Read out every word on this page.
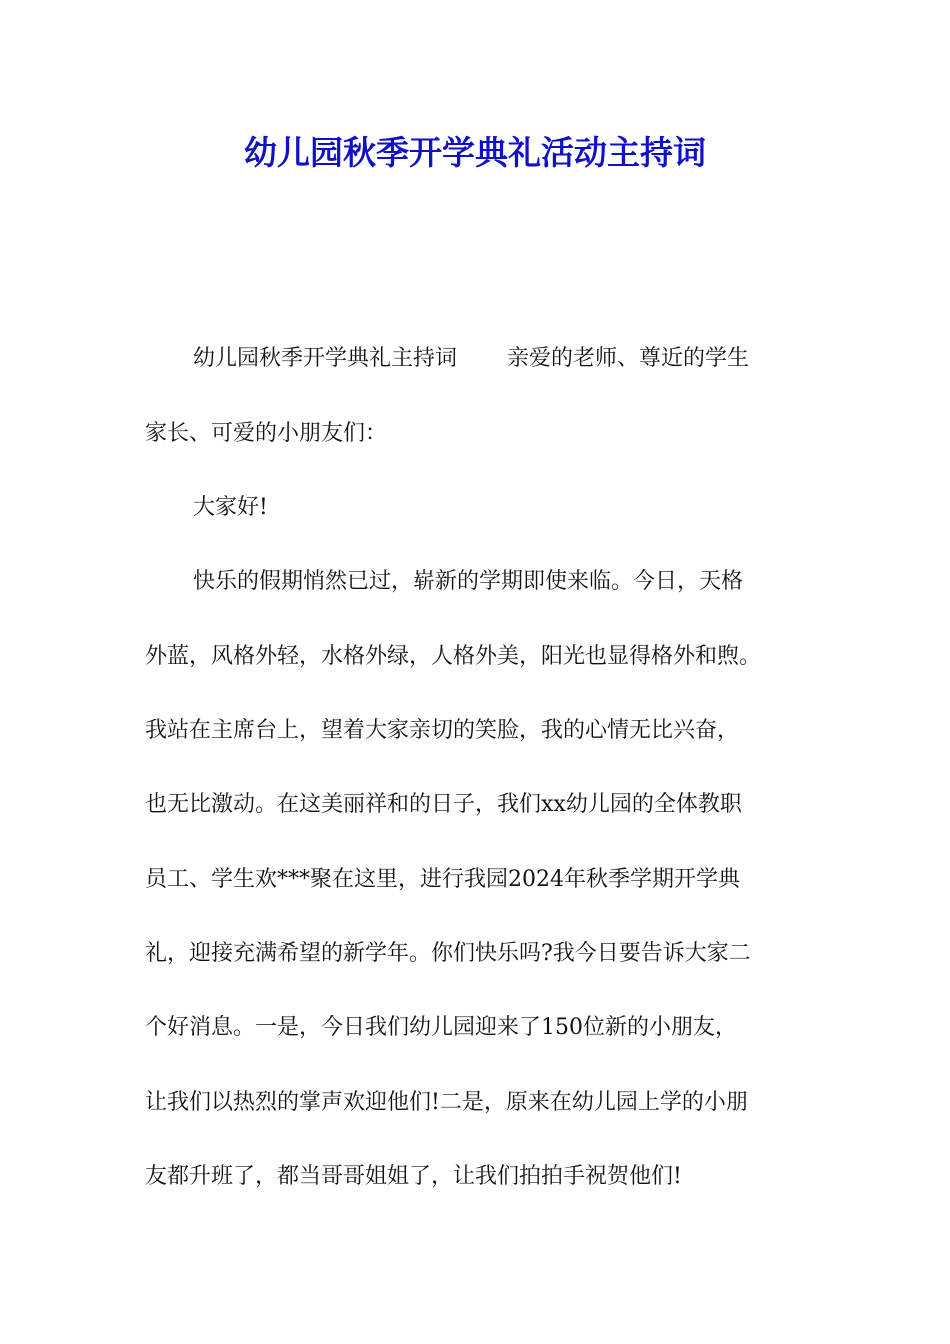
幼儿园秋季开学典礼活动主持词

幼儿园秋季开学典礼主持词 亲爱的老师、尊近的学生

家长、可爱的小朋友们：

大家好!

快乐的假期悄然已过，崭新的学期即使来临。今日，天格

外蓝，风格外轻，水格外绿，人格外美，阳光也显得格外和煦。

我站在主席台上，望着大家亲切的笑脸，我的心情无比兴奋，

也无比激动。在这美丽祥和的日子，我们xx幼儿园的全体教职

员工、学生欢***聚在这里，进行我园2024年秋季学期开学典

礼，迎接充满希望的新学年。你们快乐吗?我今日要告诉大家二

个好消息。一是，今日我们幼儿园迎来了150位新的小朋友，

让我们以热烈的掌声欢迎他们!二是，原来在幼儿园上学的小朋

友都升班了，都当哥哥姐姐了，让我们拍拍手祝贺他们!
